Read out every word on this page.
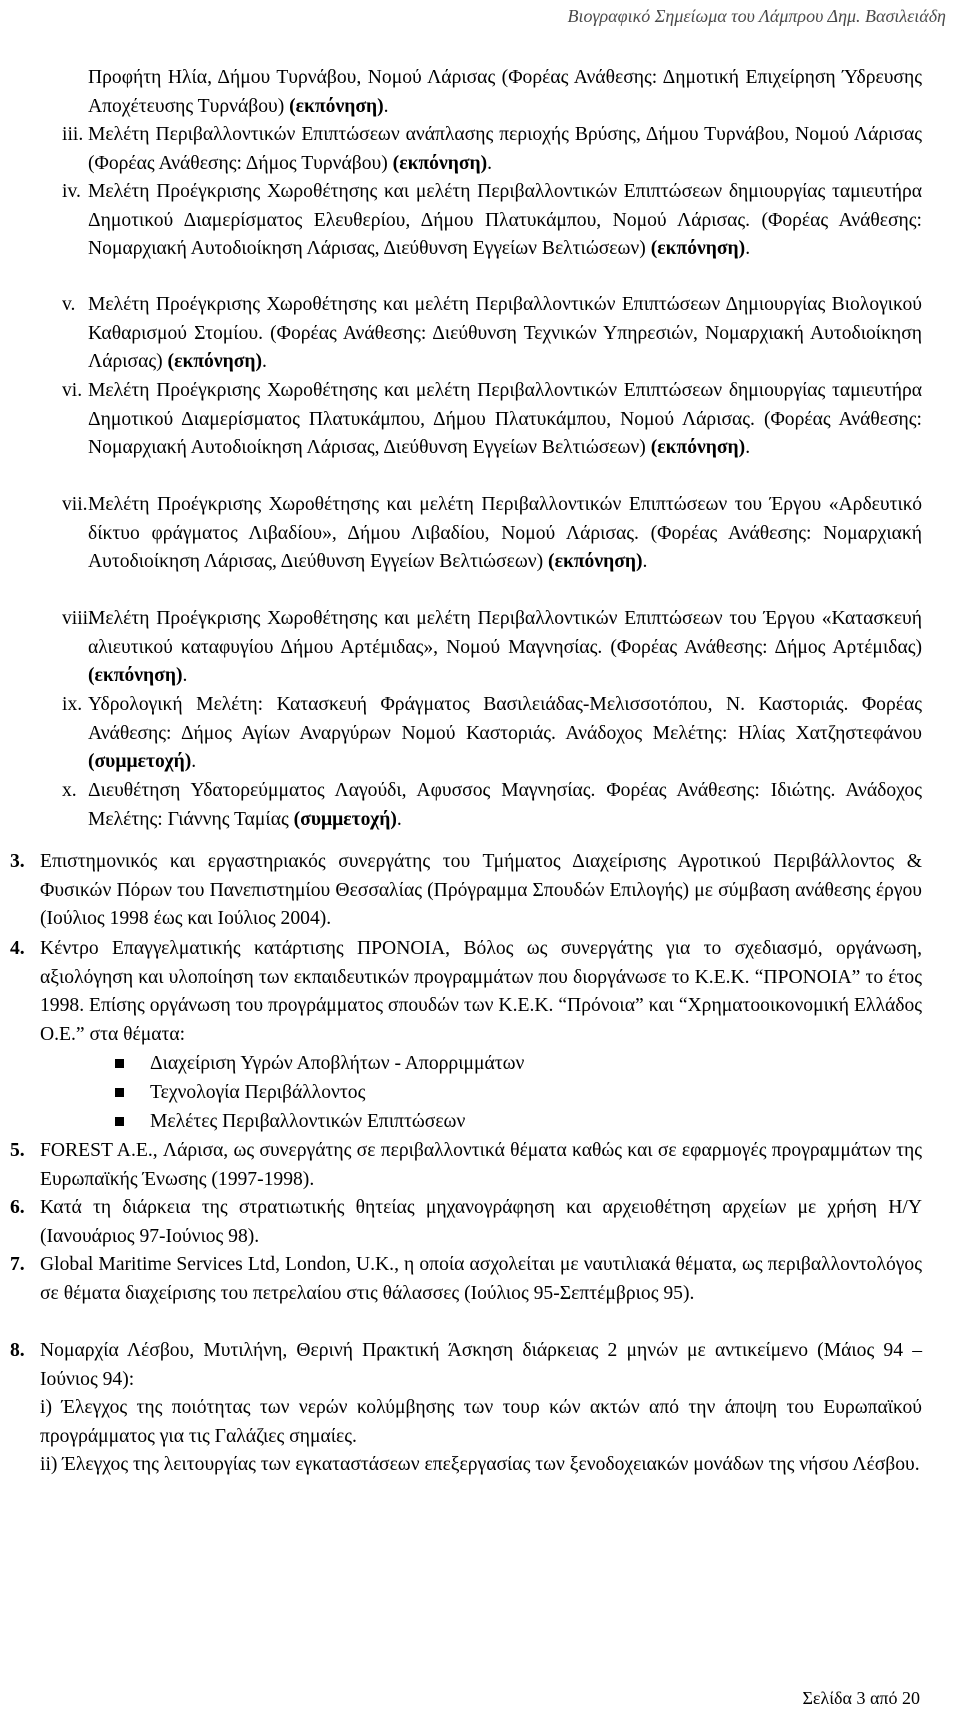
Βιογραφικό Σημείωμα του Λάμπρου Δημ. Βασιλειάδη
Προφήτη Ηλία, Δήμου Τυρνάβου, Νομού Λάρισας (Φορέας Ανάθεσης: Δημοτική Επιχείρηση Ύδρευσης Αποχέτευσης Τυρνάβου) (εκπόνηση).
iii. Μελέτη Περιβαλλοντικών Επιπτώσεων ανάπλασης περιοχής Βρύσης, Δήμου Τυρνάβου, Νομού Λάρισας (Φορέας Ανάθεσης: Δήμος Τυρνάβου) (εκπόνηση).
iv. Μελέτη Προέγκρισης Χωροθέτησης και μελέτη Περιβαλλοντικών Επιπτώσεων δημιουργίας ταμιευτήρα Δημοτικού Διαμερίσματος Ελευθερίου, Δήμου Πλατυκάμπου, Νομού Λάρισας. (Φορέας Ανάθεσης: Νομαρχιακή Αυτοδιοίκηση Λάρισας, Διεύθυνση Εγγείων Βελτιώσεων) (εκπόνηση).
v. Μελέτη Προέγκρισης Χωροθέτησης και μελέτη Περιβαλλοντικών Επιπτώσεων Δημιουργίας Βιολογικού Καθαρισμού Στομίου. (Φορέας Ανάθεσης: Διεύθυνση Τεχνικών Υπηρεσιών, Νομαρχιακή Αυτοδιοίκηση Λάρισας) (εκπόνηση).
vi. Μελέτη Προέγκρισης Χωροθέτησης και μελέτη Περιβαλλοντικών Επιπτώσεων δημιουργίας ταμιευτήρα Δημοτικού Διαμερίσματος Πλατυκάμπου, Δήμου Πλατυκάμπου, Νομού Λάρισας. (Φορέας Ανάθεσης: Νομαρχιακή Αυτοδιοίκηση Λάρισας, Διεύθυνση Εγγείων Βελτιώσεων) (εκπόνηση).
vii. Μελέτη Προέγκρισης Χωροθέτησης και μελέτη Περιβαλλοντικών Επιπτώσεων του Έργου «Αρδευτικό δίκτυο φράγματος Λιβαδίου», Δήμου Λιβαδίου, Νομού Λάρισας. (Φορέας Ανάθεσης: Νομαρχιακή Αυτοδιοίκηση Λάρισας, Διεύθυνση Εγγείων Βελτιώσεων) (εκπόνηση).
viii.
Μελέτη Προέγκρισης Χωροθέτησης και μελέτη Περιβαλλοντικών Επιπτώσεων του Έργου «Κατασκευή αλιευτικού καταφυγίου Δήμου Αρτέμιδας», Νομού Μαγνησίας. (Φορέας Ανάθεσης: Δήμος Αρτέμιδας) (εκπόνηση).
ix. Υδρολογική Μελέτη: Κατασκευή Φράγματος Βασιλειάδας-Μελισσοτόπου, Ν. Καστοριάς. Φορέας Ανάθεσης: Δήμος Αγίων Αναργύρων Νομού Καστοριάς. Ανάδοχος Μελέτης: Ηλίας Χατζηστεφάνου (συμμετοχή).
x. Διευθέτηση Υδατορεύμματος Λαγούδι, Αφυσσος Μαγνησίας. Φορέας Ανάθεσης: Ιδιώτης. Ανάδοχος Μελέτης: Γιάννης Ταμίας (συμμετοχή).
3. Επιστημονικός και εργαστηριακός συνεργάτης του Τμήματος Διαχείρισης Αγροτικού Περιβάλλοντος & Φυσικών Πόρων του Πανεπιστημίου Θεσσαλίας (Πρόγραμμα Σπουδών Επιλογής) με σύμβαση ανάθεσης έργου (Ιούλιος 1998 έως και Ιούλιος 2004).
4. Κέντρο Επαγγελματικής κατάρτισης ΠΡΟΝΟΙΑ, Βόλος ως συνεργάτης για το σχεδιασμό, οργάνωση, αξιολόγηση και υλοποίηση των εκπαιδευτικών προγραμμάτων που διοργάνωσε το Κ.Ε.Κ. “ΠΡΟΝΟΙΑ” το έτος 1998. Επίσης οργάνωση του προγράμματος σπουδών των Κ.Ε.Κ. “Πρόνοια” και “Χρηματοοικονομική Ελλάδος Ο.Ε.” στα θέματα:
Διαχείριση Υγρών Αποβλήτων - Απορριμμάτων
Τεχνολογία Περιβάλλοντος
Μελέτες Περιβαλλοντικών Επιπτώσεων
5. FOREST A.E., Λάρισα, ως συνεργάτης σε περιβαλλοντικά θέματα καθώς και σε εφαρμογές προγραμμάτων της Ευρωπαϊκής Ένωσης (1997-1998).
6. Κατά τη διάρκεια της στρατιωτικής θητείας μηχανογράφηση και αρχειοθέτηση αρχείων με χρήση Η/Υ (Ιανουάριος 97-Ιούνιος 98).
7. Global Maritime Services Ltd, London, U.K., η οποία ασχολείται με ναυτιλιακά θέματα, ως περιβαλλοντολόγος σε θέματα διαχείρισης του πετρελαίου στις θάλασσες (Ιούλιος 95-Σεπτέμβριος 95).
8. Νομαρχία Λέσβου, Μυτιλήνη, Θερινή Πρακτική Άσκηση διάρκειας 2 μηνών με αντικείμενο (Μάιος 94 – Ιούνιος 94):
i) Έλεγχος της ποιότητας των νερών κολύμβησης των τουρ κών ακτών από την άποψη του Ευρωπαϊκού προγράμματος για τις Γαλάζιες σημαίες.
ii) Έλεγχος της λειτουργίας των εγκαταστάσεων επεξεργασίας των ξενοδοχειακών μονάδων της νήσου Λέσβου.
Σελίδα 3 από 20
